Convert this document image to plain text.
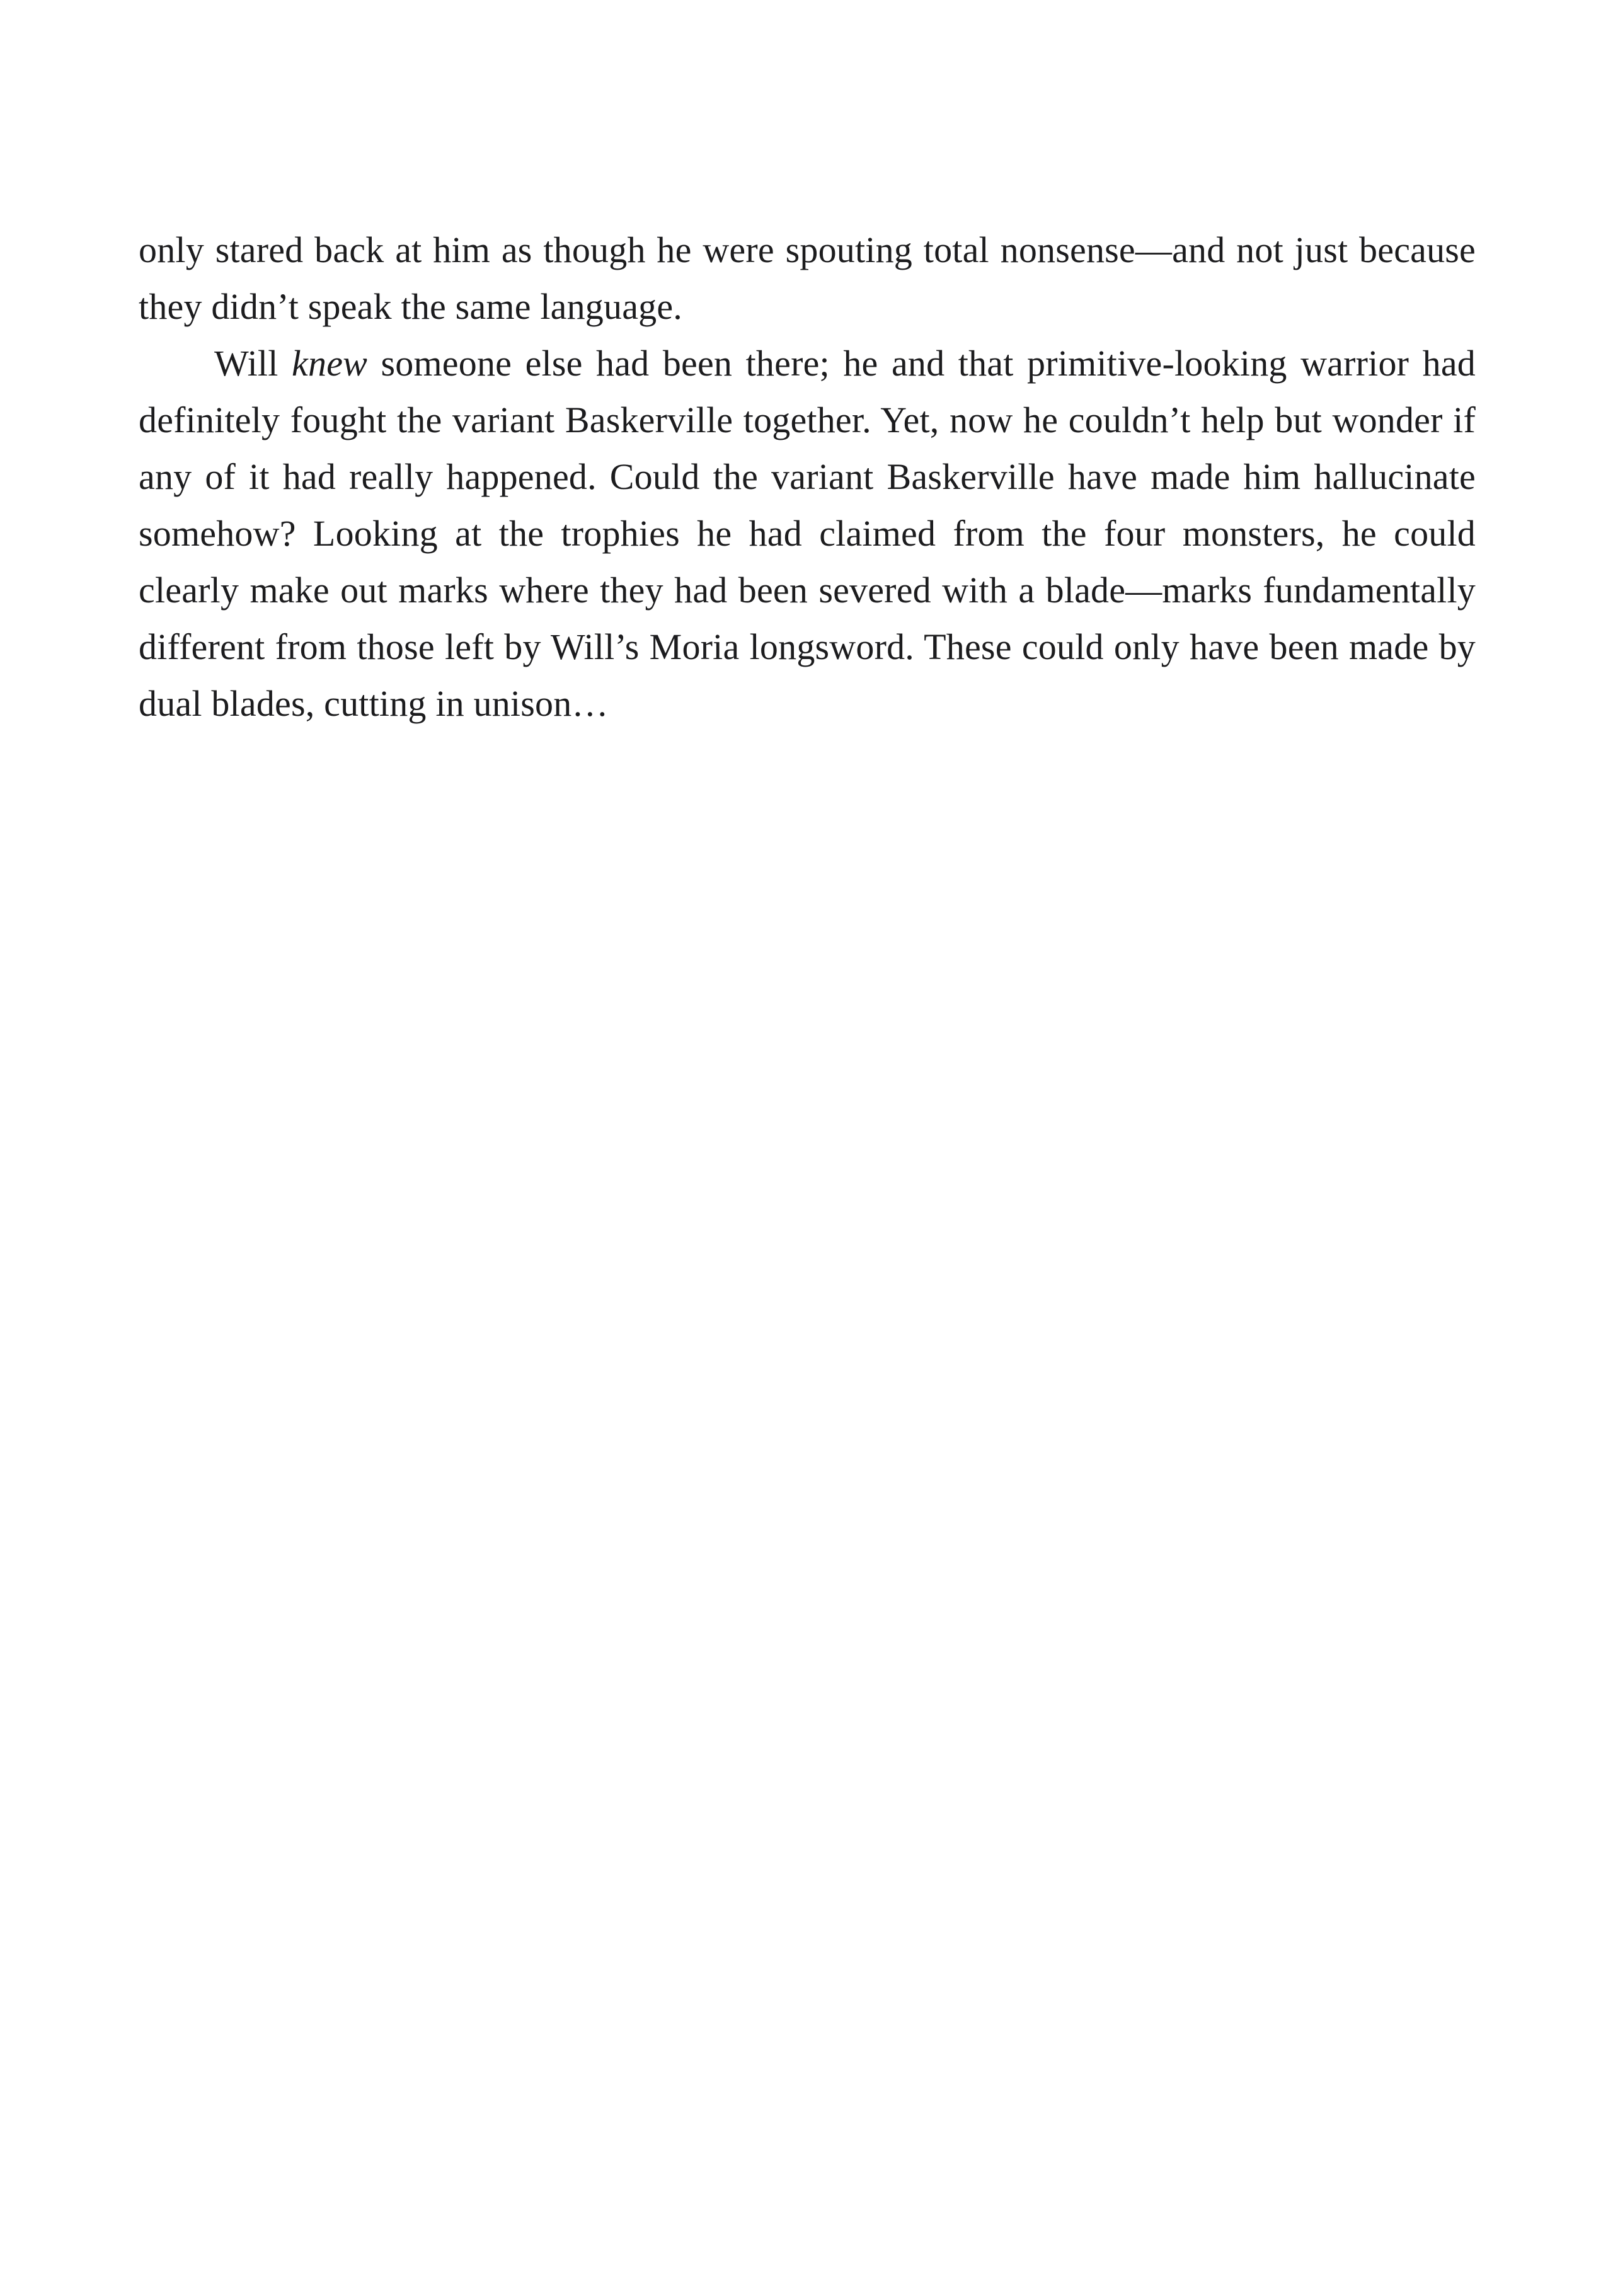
only stared back at him as though he were spouting total nonsense—and not just because they didn’t speak the same language.

Will knew someone else had been there; he and that primitive-looking warrior had definitely fought the variant Baskerville together. Yet, now he couldn’t help but wonder if any of it had really happened. Could the variant Baskerville have made him hallucinate somehow? Looking at the trophies he had claimed from the four monsters, he could clearly make out marks where they had been severed with a blade—marks fundamentally different from those left by Will’s Moria longsword. These could only have been made by dual blades, cutting in unison…
